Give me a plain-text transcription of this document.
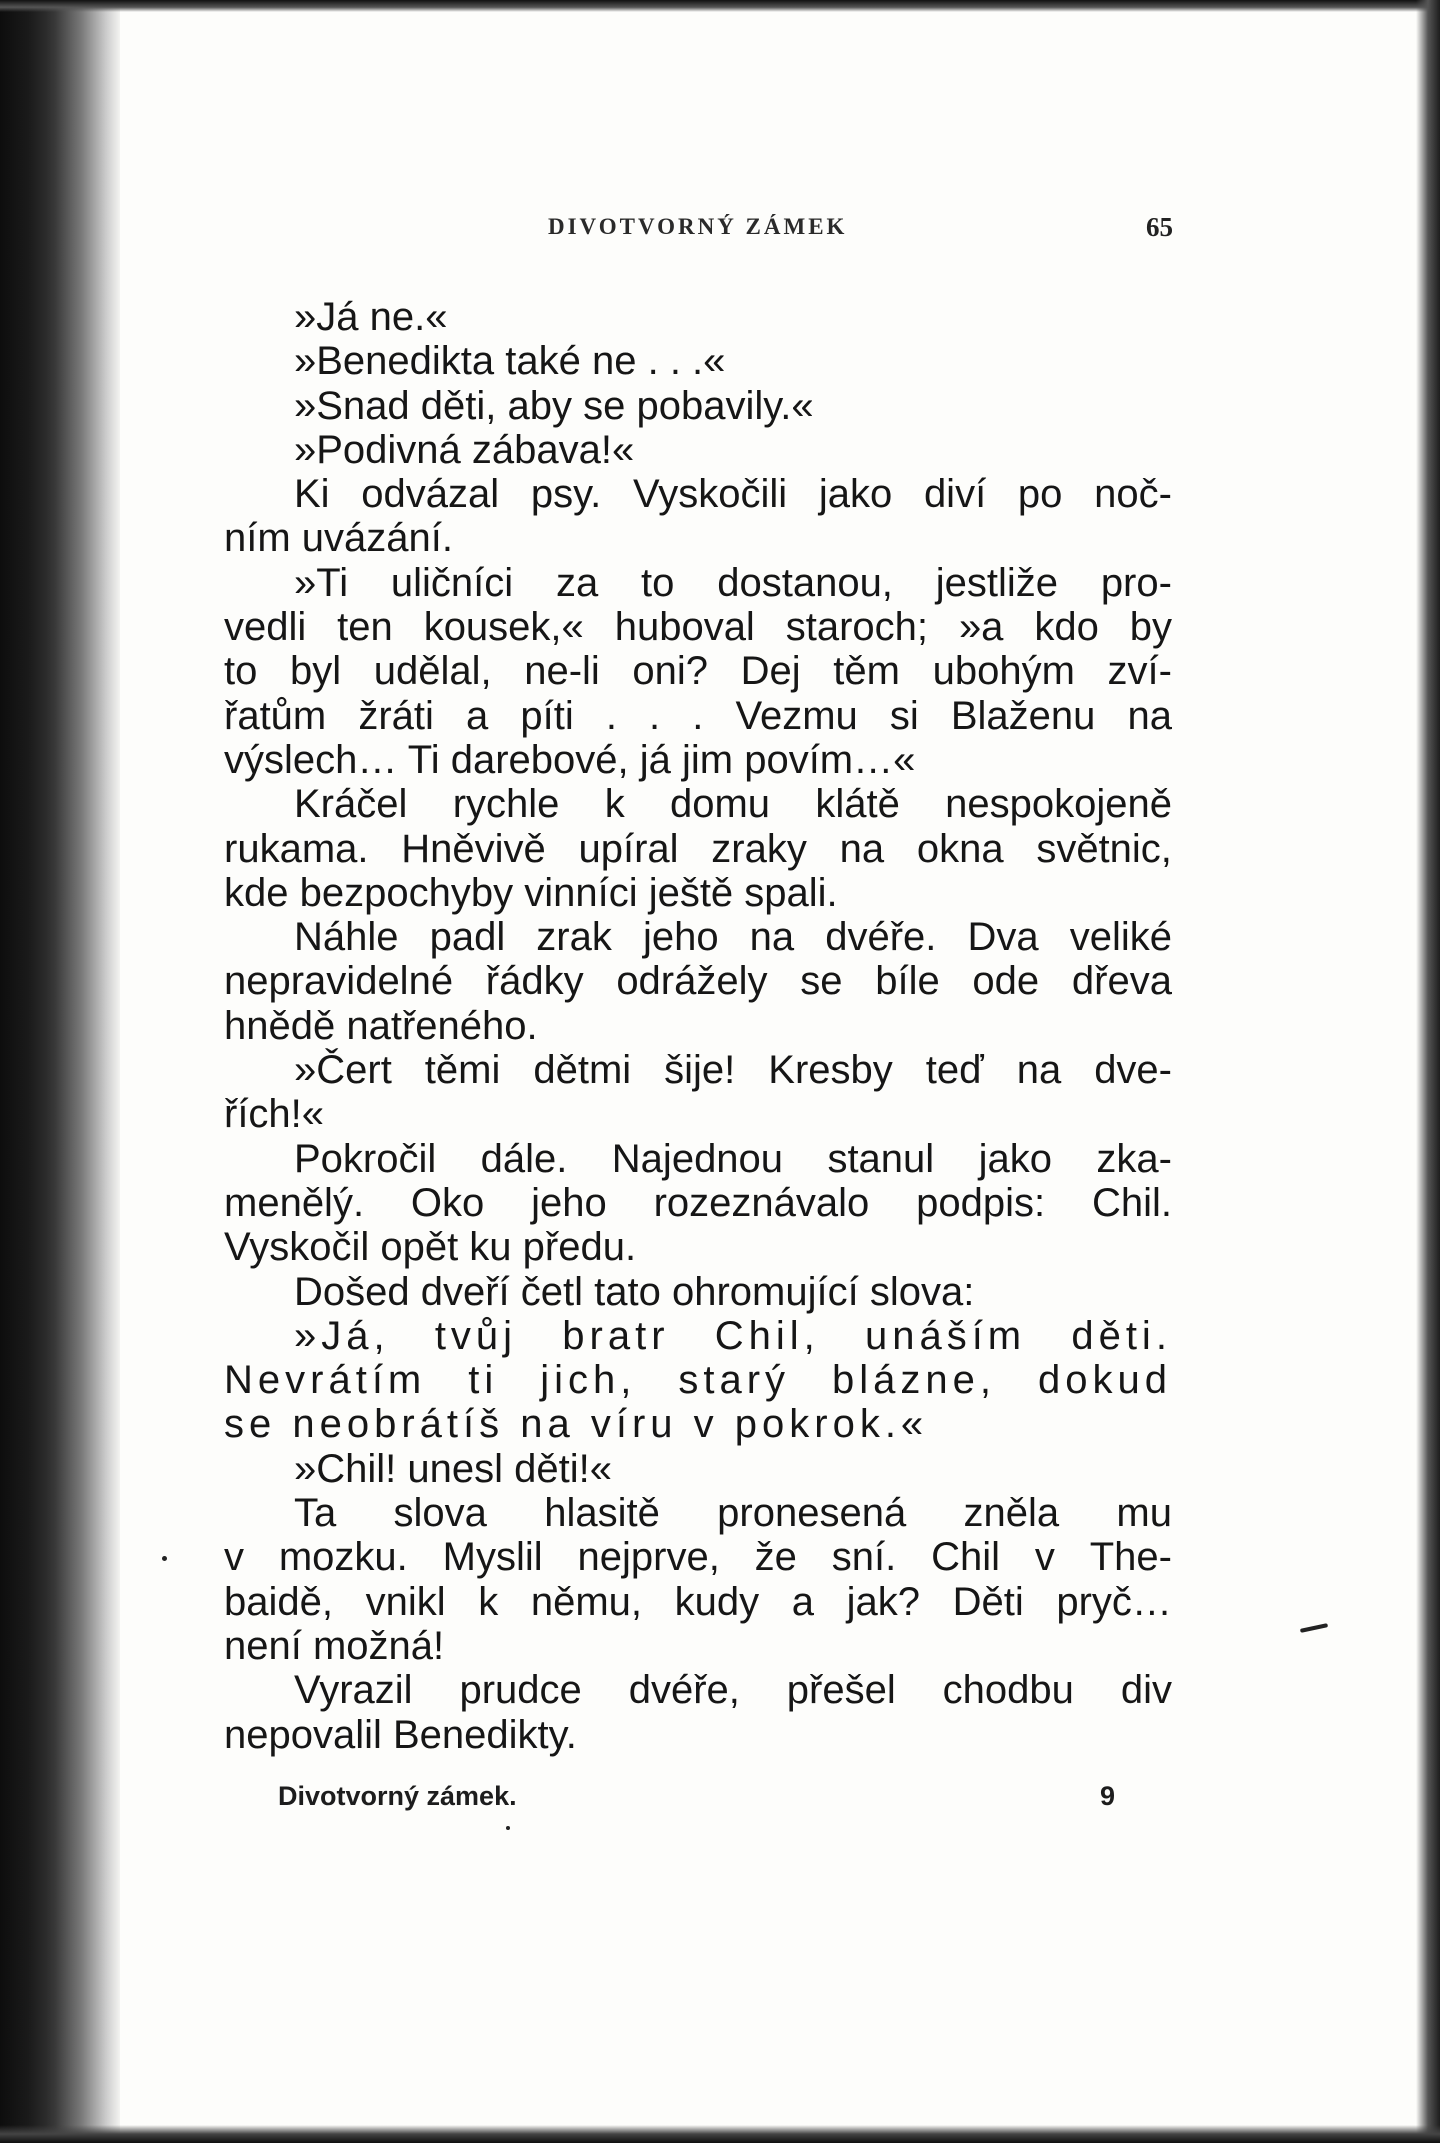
DIVOTVORNÝ ZÁMEK	65
»Já ne.«
»Benedikta také ne . . .«
»Snad děti, aby se pobavily.«
»Podivná zábava!«
Ki odvázal psy. Vyskočili jako diví po noč-
ním uvázání.
»Ti uličníci za to dostanou, jestliže pro-
vedli ten kousek,« huboval staroch; »a kdo by
to byl udělal, ne-li oni? Dej těm ubohým zví-
řatům žráti a píti . . . Vezmu si Blaženu na
výslech… Ti darebové, já jim povím…«
Kráčel rychle k domu klátě nespokojeně
rukama. Hněvivě upíral zraky na okna světnic,
kde bezpochyby vinníci ještě spali.
Náhle padl zrak jeho na dvéře. Dva veliké
nepravidelné řádky odrážely se bíle ode dřeva
hnědě natřeného.
»Čert těmi dětmi šije! Kresby teď na dve-
řích!«
Pokročil dále. Najednou stanul jako zka-
menělý. Oko jeho rozeznávalo podpis: Chil.
Vyskočil opět ku předu.
Došed dveří četl tato ohromující slova:
»Já, tvůj bratr Chil, unáším děti.
Nevrátím ti jich, starý blázne, dokud
se neobrátíš na víru v pokrok.«
»Chil! unesl děti!«
Ta slova hlasitě pronesená zněla mu
v mozku. Myslil nejprve, že sní. Chil v The-
baidě, vnikl k němu, kudy a jak? Děti pryč…
není možná!
Vyrazil prudce dvéře, přešel chodbu div
nepovalil Benedikty.
Divotvorný zámek.	9
